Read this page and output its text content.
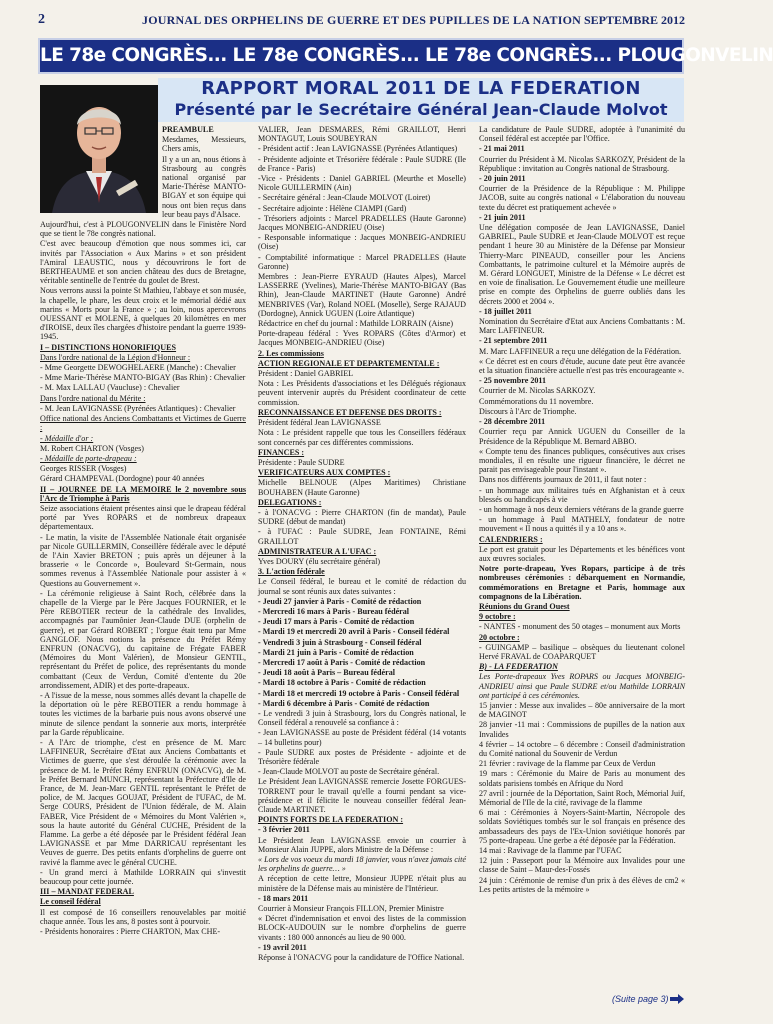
2	JOURNAL DES ORPHELINS DE GUERRE ET DES PUPILLES DE LA NATION SEPTEMBRE 2012
LE 78e CONGRÈS... LE 78e CONGRÈS... LE 78e CONGRÈS... PLOUGONVELIN
RAPPORT MORAL 2011 DE LA FEDERATION
Présenté par le Secrétaire Général Jean-Claude Molvot

PREAMBULE

Mesdames, Messieurs, Chers amis,

Il y a un an, nous étions à Strasbourg au congrès national organisé par Marie-Thérèse MANTO-BIGAY et son équipe qui nous ont bien reçus dans leur beau pays d'Alsace.

Aujourd'hui, c'est à PLOUGONVELIN dans le Finistère Nord que se tient le 78e congrès national.

C'est avec beaucoup d'émotion que nous sommes ici, car invités par l'Association « Aux Marins » et son président l'Amiral LEAUSTIC, nous y découvrirons le fort de BERTHEAUME et son ancien château des ducs de Bretagne, véritable sentinelle de l'entrée du goulet de Brest.

Nous verrons aussi la pointe St Mathieu, l'abbaye et son musée, la chapelle, le phare, les deux croix et le mémorial dédié aux marins « Morts pour la France » ; au loin, nous apercevrons OUESSANT et MOLENE, à quelques 20 kilomètres en mer d'IROISE, deux îles chargées d'histoire pendant la guerre 1939-1945.

I – DISTINCTIONS HONORIFIQUES

Dans l'ordre national de la Légion d'Honneur :

- Mme Georgette DEWOGHELAERE (Manche) : Chevalier

- Mme Marie-Thérèse MANTO-BIGAY (Bas Rhin) : Chevalier

- M. Max LALLAU (Vaucluse) : Chevalier

Dans l'ordre national du Mérite :

- M. Jean LAVIGNASSE (Pyrénées Atlantiques) : Chevalier

Office national des Anciens Combattants et Victimes de Guerre :

- Médaille d'or :

M. Robert CHARTON (Vosges)

- Médaille de porte-drapeau :

Georges RISSER (Vosges)

Gérard CHAMPEVAL (Dordogne) pour 40 années

II – JOURNEE DE LA MEMOIRE le 2 novembre sous l'Arc de Triomphe à Paris

Seize associations étaient présentes ainsi que le drapeau fédéral porté par Yves ROPARS et de nombreux drapeaux départementaux.

- Le matin, la visite de l'Assemblée Nationale était organisée par Nicole GUILLERMIN, Conseillère fédérale avec le député de l'Ain Xavier BRETON ; puis après un déjeuner à la brasserie « le Concorde », Boulevard St-Germain, nous sommes revenus à l'Assemblée Nationale pour assister à « Questions au Gouvernement ».

- La cérémonie religieuse à Saint Roch, célébrée dans la chapelle de la Vierge par le Père Jacques FOURNIER, et le Père REBOTIER recteur de la cathédrale des Invalides, accompagnés par l'aumônier Jean-Claude DUE (orphelin de guerre), et par Gérard ROBERT ; l'orgue était tenu par Mme GANGLOF. Nous notions la présence du Préfet Rémy ENFRUN (ONACVG), du capitaine de Frégate FABER (Mémoires du Mont Valérien), de Monsieur GENTIL, représentant du Préfet de police, des représentants du monde combattant (Ceux de Verdun, Comité d'entente du 20e arrondissement, ADIR) et des porte-drapeaux.

- A l'issue de la messe, nous sommes allés devant la chapelle de la déportation où le père REBOTIER a rendu hommage à toutes les victimes de la barbarie puis nous avons observé une minute de silence pendant la sonnerie aux morts, interprétée par la Garde républicaine.

- A l'Arc de triomphe, c'est en présence de M. Marc LAFFINEUR, Secrétaire d'Etat aux Anciens Combattants et Victimes de guerre, que s'est déroulée la cérémonie avec la présence de M. le Préfet Rémy ENFRUN (ONACVG), de M. le Préfet Bernard MUNCH, représentant la Préfecture d'Ile de France, de M. Jean-Marc GENTIL représentant le Préfet de police, de M. Jacques GOUJAT, Président de l'UFAC, de M. Serge COURS, Président de l'Union fédérale, de M. Alain FABER, Vice Président de « Mémoires du Mont Valérien », sous la haute autorité du Général CUCHE, Président de la Flamme. La gerbe a été déposée par le Président fédéral Jean LAVIGNASSE et par Mme DARRICAU représentant les Veuves de guerre. Des petits enfants d'orphelins de guerre ont ravivé la flamme avec le général CUCHE.

- Un grand merci à Mathilde LORRAIN qui s'investit beaucoup pour cette journée.

III – MANDAT FEDERAL

Le conseil fédéral

Il est composé de 16 conseillers renouvelables par moitié chaque année. Tous les ans, 8 postes sont à pourvoir.

- Présidents honoraires : Pierre CHARTON, Max CHE-

VALIER, Jean DESMARES, Rémi GRAILLOT, Henri MONTAGUT, Louis SOUBEYRAN

- Président actif : Jean LAVIGNASSE (Pyrénées Atlantiques)

- Présidente adjointe et Trésorière fédérale : Paule SUDRE (Ile de France - Paris)

-Vice - Présidents : Daniel GABRIEL (Meurthe et Moselle) Nicole GUILLERMIN (Ain)

- Secrétaire général : Jean-Claude MOLVOT (Loiret)

- Secrétaire adjointe : Hélène CIAMPI (Gard)

- Trésoriers adjoints : Marcel PRADELLES (Haute Garonne) Jacques MONBEIG-ANDRIEU (Oise)

- Responsable informatique : Jacques MONBEIG-ANDRIEU (Oise)

- Comptabilité informatique : Marcel PRADELLES (Haute Garonne)

Membres : Jean-Pierre EYRAUD (Hautes Alpes), Marcel LASSERRE (Yvelines), Marie-Thérèse MANTO-BIGAY (Bas Rhin), Jean-Claude MARTINET (Haute Garonne) André MENBRIVES (Var), Roland NOEL (Moselle), Serge RAJAUD (Dordogne), Annick UGUEN (Loire Atlantique)

Rédactrice en chef du journal : Mathilde LORRAIN (Aisne)

Porte-drapeau fédéral : Yves ROPARS (Côtes d'Armor) et Jacques MONBEIG-ANDRIEU (Oise)

2. Les commissions

ACTION REGIONALE ET DEPARTEMENTALE :

Président : Daniel GABRIEL

Nota : Les Présidents d'associations et les Délégués régionaux peuvent intervenir auprès du Président coordinateur de cette commission.

RECONNAISSANCE ET DEFENSE DES DROITS :

Président fédéral Jean LAVIGNASSE

Nota : Le président rappelle que tous les Conseillers fédéraux sont concernés par ces différentes commissions.

FINANCES :

Présidente : Paule SUDRE

VERIFICATEURS AUX COMPTES :

Michelle BELNOUE (Alpes Maritimes) Christiane BOUHABEN (Haute Garonne)

DELEGATIONS :

- à l'ONACVG : Pierre CHARTON (fin de mandat), Paule SUDRE (début de mandat)

- à l'UFAC : Paule SUDRE, Jean FONTAINE, Rémi GRAILLOT

ADMINISTRATEUR A L'UFAC :

Yves DOURY (élu secrétaire général)

3. L'action fédérale

Le Conseil fédéral, le bureau et le comité de rédaction du journal se sont réunis aux dates suivantes :

- Jeudi 27 janvier à Paris - Comité de rédaction

- Mercredi 16 mars à Paris - Bureau fédéral

- Jeudi 17 mars à Paris - Comité de rédaction

- Mardi 19 et mercredi 20 avril à Paris - Conseil fédéral

- Vendredi 3 juin à Strasbourg - Conseil fédéral

- Mardi 21 juin à Paris - Comité de rédaction

- Mercredi 17 août à Paris - Comité de rédaction

- Jeudi 18 août à Paris – Bureau fédéral

- Mardi 18 octobre à Paris - Comité de rédaction

- Mardi 18 et mercredi 19 octobre à Paris - Conseil fédéral

- Mardi 6 décembre à Paris - Comité de rédaction

- Le vendredi 3 juin à Strasbourg, lors du Congrès national, le Conseil fédéral a renouvelé sa confiance à :

- Jean LAVIGNASSE au poste de Président fédéral (14 votants – 14 bulletins pour)

- Paule SUDRE aux postes de Présidente - adjointe et de Trésorière fédérale

- Jean-Claude MOLVOT au poste de Secrétaire général.

Le Président Jean LAVIGNASSE remercie Josette FORGUES-TORRENT pour le travail qu'elle a fourni pendant sa vice-présidence et il félicite le nouveau conseiller fédéral Jean-Claude MARTINET.

POINTS FORTS DE LA FEDERATION :

- 3 février 2011

Le Président Jean LAVIGNASSE envoie un courrier à Monsieur Alain JUPPE, alors Ministre de la Défense :

« Lors de vos voeux du mardi 18 janvier, vous n'avez jamais cité les orphelins de guerre… »

A réception de cette lettre, Monsieur JUPPE n'était plus au ministère de la Défense mais au ministère de l'Intérieur.

- 18 mars 2011

Courrier à Monsieur François FILLON, Premier Ministre

« Décret d'indemnisation et envoi des listes de la commission BLOCK-AUDOUIN sur le nombre d'orphelins de guerre vivants : 180 000 annoncés au lieu de 90 000.

- 19 avril 2011

Réponse à l'ONACVG pour la candidature de l'Office National.

La candidature de Paule SUDRE, adoptée à l'unanimité du Conseil fédéral est acceptée par l'Office.

- 21 mai 2011

Courrier du Président à M. Nicolas SARKOZY, Président de la République : invitation au Congrès national de Strasbourg.

- 20 juin 2011

Courrier de la Présidence de la République : M. Philippe JACOB, suite au congrès national « L'élaboration du nouveau texte du décret est pratiquement achevée »

- 21 juin 2011

Une délégation composée de Jean LAVIGNASSE, Daniel GABRIEL, Paule SUDRE et Jean-Claude MOLVOT est reçue pendant 1 heure 30 au Ministère de la Défense par Monsieur Thierry-Marc PINEAUD, conseiller pour les Anciens Combattants, le patrimoine culturel et la Mémoire auprès de M. Gérard LONGUET, Ministre de la Défense « Le décret est en voie de finalisation. Le Gouvernement étudie une meilleure prise en compte des Orphelins de guerre oubliés dans les décrets 2000 et 2004 ».

- 18 juillet 2011

Nomination du Secrétaire d'Etat aux Anciens Combattants : M. Marc LAFFINEUR.

- 21 septembre 2011

M. Marc LAFFINEUR a reçu une délégation de la Fédération.

« Ce décret est en cours d'étude, aucune date peut être avancée et la situation financière actuelle n'est pas très encourageante ».

- 25 novembre 2011

Courrier de M. Nicolas SARKOZY.

Commémorations du 11 novembre.

Discours à l'Arc de Triomphe.

- 28 décembre 2011

Courrier reçu par Annick UGUEN du Conseiller de la Présidence de la République M. Bernard ABBO.

« Compte tenu des finances publiques, consécutives aux crises mondiales, il en résulte une rigueur financière, le décret ne parait pas envisageable pour l'instant ».

Dans nos différents journaux de 2011, il faut noter :

- un hommage aux militaires tués en Afghanistan et à ceux blessés ou handicapés à vie

- un hommage à nos deux derniers vétérans de la grande guerre

- un hommage à Paul MATHELY, fondateur de notre mouvement « Il nous a quittés il y a 10 ans ».

CALENDRIERS :

Le port est gratuit pour les Départements et les bénéfices vont aux œuvres sociales.

Notre porte-drapeau, Yves Ropars, participe à de très nombreuses cérémonies : débarquement en Normandie, commémorations en Bretagne et Paris, hommage aux compagnons de la Libération.

Réunions du Grand Ouest

9 octobre :

- NANTES - monument des 50 otages – monument aux Morts

20 octobre :

- GUINGAMP – basilique – obsèques du lieutenant colonel Hervé FRAVAL de COAPARQUET

B) - LA FEDERATION

Les Porte-drapeaux Yves ROPARS ou Jacques MONBEIG-ANDRIEU ainsi que Paule SUDRE et/ou Mathilde LORRAIN ont participé à ces cérémonies.

15 janvier : Messe aux invalides – 80e anniversaire de la mort de MAGINOT

28 janvier -11 mai : Commissions de pupilles de la nation aux Invalides

4 février – 14 octobre – 6 décembre : Conseil d'administration du Comité national du Souvenir de Verdun

21 février : ravivage de la flamme par Ceux de Verdun

19 mars : Cérémonie du Maire de Paris au monument des soldats parisiens tombés en Afrique du Nord

27 avril : journée de la Déportation, Saint Roch, Mémorial Juif, Mémorial de l'Ile de la cité, ravivage de la flamme

6 mai : Cérémonies à Noyers-Saint-Martin, Nécropole des soldats Soviétiques tombés sur le sol français en présence des ambassadeurs des pays de l'Ex-Union soviétique honorés par 75 porte-drapeau. Une gerbe a été déposée par la Fédération.

14 mai : Ravivage de la flamme par l'UFAC

12 juin : Passeport pour la Mémoire aux Invalides pour une classe de Saint – Maur-des-Fossés

24 juin : Cérémonie de remise d'un prix à des élèves de cm2 « Les petits artistes de la mémoire »

(Suite page 3)
